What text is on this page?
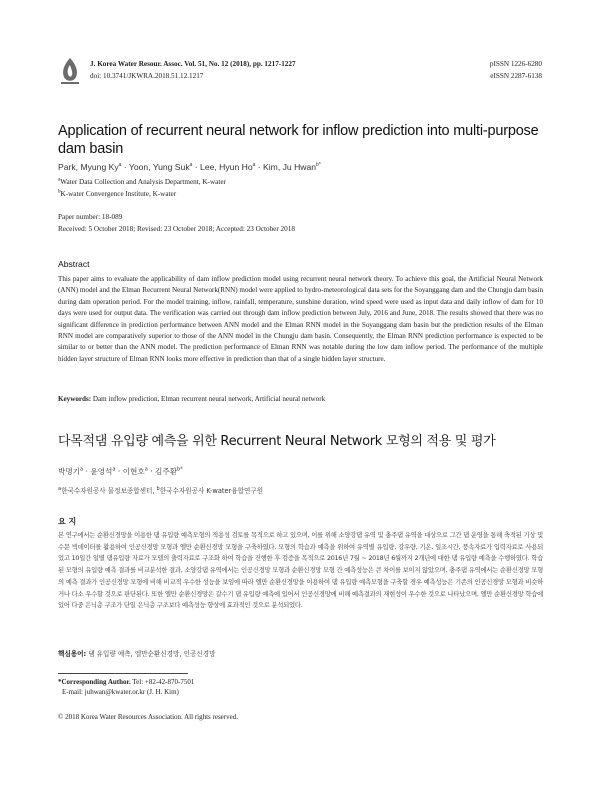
J. Korea Water Resour. Assoc. Vol. 51, No. 12 (2018), pp. 1217-1227
doi: 10.3741/JKWRA.2018.51.12.1217
pISSN 1226-6280
eISSN 2287-6138
Application of recurrent neural network for inflow prediction into multi-purpose dam basin
Park, Myung $Ky^a$ · Yoon, Yung Suk$^a$ · Lee, Hyun $Ho^a$ · Kim, Ju Hwan$^{b*}$
$^a$Water Data Collection and Analysis Department, K-water
$^b$K-water Convergence Institute, K-water
Paper number: 18-089
Received: 5 October 2018; Revised: 23 October 2018; Accepted: 23 October 2018
Abstract
This paper aims to evaluate the applicability of dam inflow prediction model using recurrent neural network theory. To achieve this goal, the Artificial Neural Network (ANN) model and the Elman Recurrent Neural Network(RNN) model were applied to hydro-meteorological data sets for the Soyanggang dam and the Chungju dam basin during dam operation period. For the model training, inflow, rainfall, temperature, sunshine duration, wind speed were used as input data and daily inflow of dam for 10 days were used for output data. The verification was carried out through dam inflow prediction between July, 2016 and June, 2018. The results showed that there was no significant difference in prediction performance between ANN model and the Elman RNN model in the Soyanggang dam basin but the prediction results of the Elman RNN model are comparatively superior to those of the ANN model in the Chungju dam basin. Consequently, the Elman RNN prediction performance is expected to be similar to or better than the ANN model. The prediction performance of Elman RNN was notable during the low dam inflow period. The performance of the multiple hidden layer structure of Elman RNN looks more effective in prediction than that of a single hidden layer structure.
Keywords: Dam inflow prediction, Elman recurrent neural network, Artificial neural network
다목적댐 유입량 예측을 위한 Recurrent Neural Network 모형의 적용 및 평가
박명기$^a$ · 윤영석$^a$ · 이현호$^a$ · 김주환$^{b*}$
$^a$한국수자원공사 물정보종합센터, $^b$한국수자원공사 K-water융합연구원
요 지
본 연구에서는 순환신경망을 이용한 댐 유입량 예측모형의 적용성 검토를 목적으로 하고 있으며, 이를 위해 소양강댐 유역 및 충주댐 유역을 대상으로 그간 댐 운영을 통해 축적된 기상 및 수문 빅데이터를 활용하여 인공신경망 모형과 엘만 순환신경망 모형을 구축하였다. 모형의 학습과 예측을 위하여 유역별 유입량, 강우량, 기온, 일조시간, 풍속자료가 입력자료로 사용되었고 10일간 일별 댐유입량 자료가 모델의 출력자료로 구조화 하여 학습을 진행한 후 검증을 목적으로 2016년 7월 ~ 2018년 6월까지 2개년에 대한 댐 유입량 예측을 수행하였다. 학습된 모형의 유입량 예측 결과를 비교분석한 결과, 소양강댐 유역에서는 인공신경망 모형과 순환신경망 모형 간 예측성능은 큰 차이를 보이지 않았으며, 충주댐 유역에서는 순환신경망 모형의 예측 결과가 인공신경망 모형에 비해 비교적 우수한 성능을 보임에 따라 엘만 순환신경망을 이용하여 댐 유입량 예측모형을 구축할 경우 예측성능은 기존의 인공신경망 모형과 비슷하거나 다소 우수할 것으로 판단된다. 또한 엘만 순환신경망은 갈수기 댐 유입량 예측에 있어서 인공신경망에 비해 예측결과의 재현성이 우수한 것으로 나타났으며, 엘만 순환신경망 학습에 있어 다중 은닉층 구조가 단일 은닉층 구조보다 예측성능 향상에 효과적인 것으로 분석되었다.
핵심용어: 댐 유입량 예측, 엘만순환신경망, 인공신경망
*Corresponding Author. Tel: +82-42-870-7501
E-mail: juhwan@kwater.or.kr (J. H. Kim)
© 2018 Korea Water Resources Association. All rights reserved.
